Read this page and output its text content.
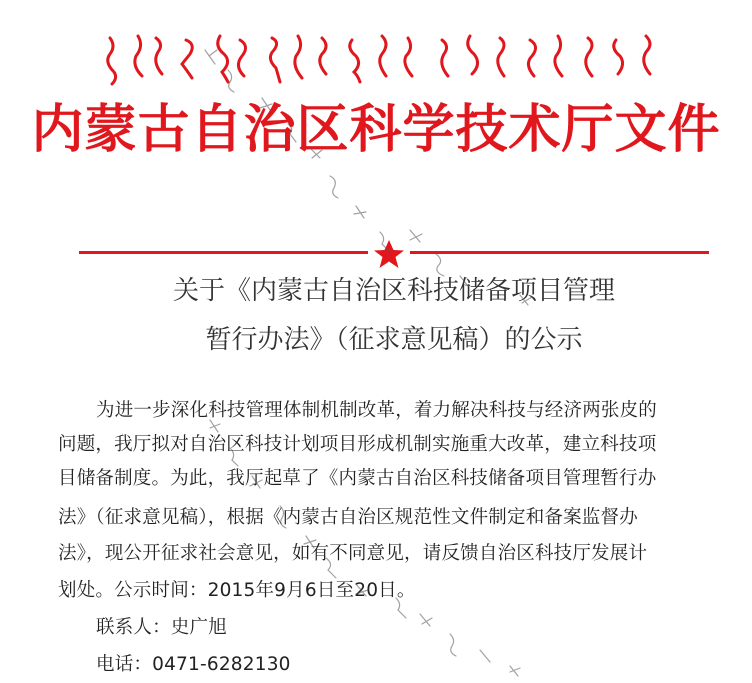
内蒙古自治区科学技术厅文件
关于《内蒙古自治区科技储备项目管理
暂行办法》（征求意见稿）的公示
为进一步深化科技管理体制机制改革，着力解决科技与经济两张皮的
问题，我厅拟对自治区科技计划项目形成机制实施重大改革，建立科技项
目储备制度。为此，我厅起草了《内蒙古自治区科技储备项目管理暂行办
法》（征求意见稿），根据《内蒙古自治区规范性文件制定和备案监督办
法》，现公开征求社会意见，如有不同意见，请反馈自治区科技厅发展计
划处。公示时间：2015年9月6日至20日。
联系人：史广旭
电话：0471-6282130
